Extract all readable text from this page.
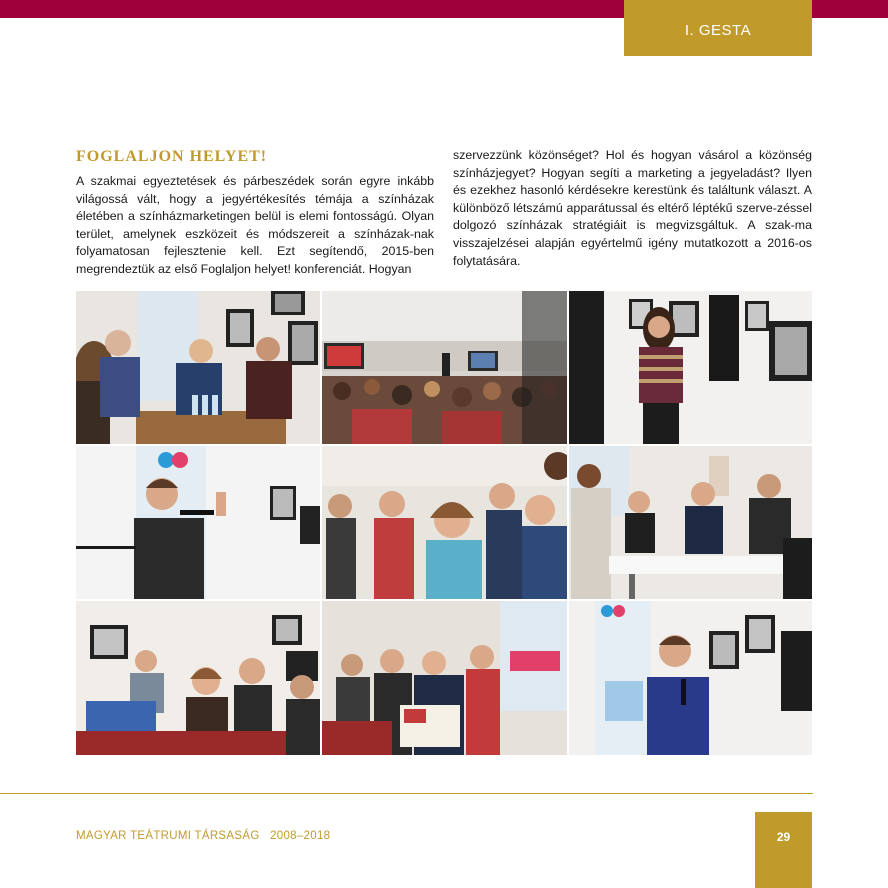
I. GESTA
FOGLALJON HELYET!

A szakmai egyeztetések és párbeszédek során egyre inkább világossá vált, hogy a jegyértékesítés témája a színházak életében a színházmarketingen belül is elemi fontosságú. Olyan terület, amelynek eszközeit és módszereit a színházak-nak folyamatosan fejlesztenie kell. Ezt segítendő, 2015-ben megrendeztük az első Foglaljon helyet! konferenciát. Hogyan

szervezzünk közönséget? Hol és hogyan vásárol a közönség színházjegyet? Hogyan segíti a marketing a jegyeladást? Ilyen és ezekhez hasonló kérdésekre kerestünk és találtunk választ. A különböző létszámú apparátussal és eltérő léptékű szerve-zéssel dolgozó színházak stratégiáit is megvizsgáltuk. A szak-ma visszajelzései alapján egyértelmű igény mutatkozott a 2016-os folytatására.

MAGYAR TEÁTRUMI TÁRSASÁG 2008–2018	29
